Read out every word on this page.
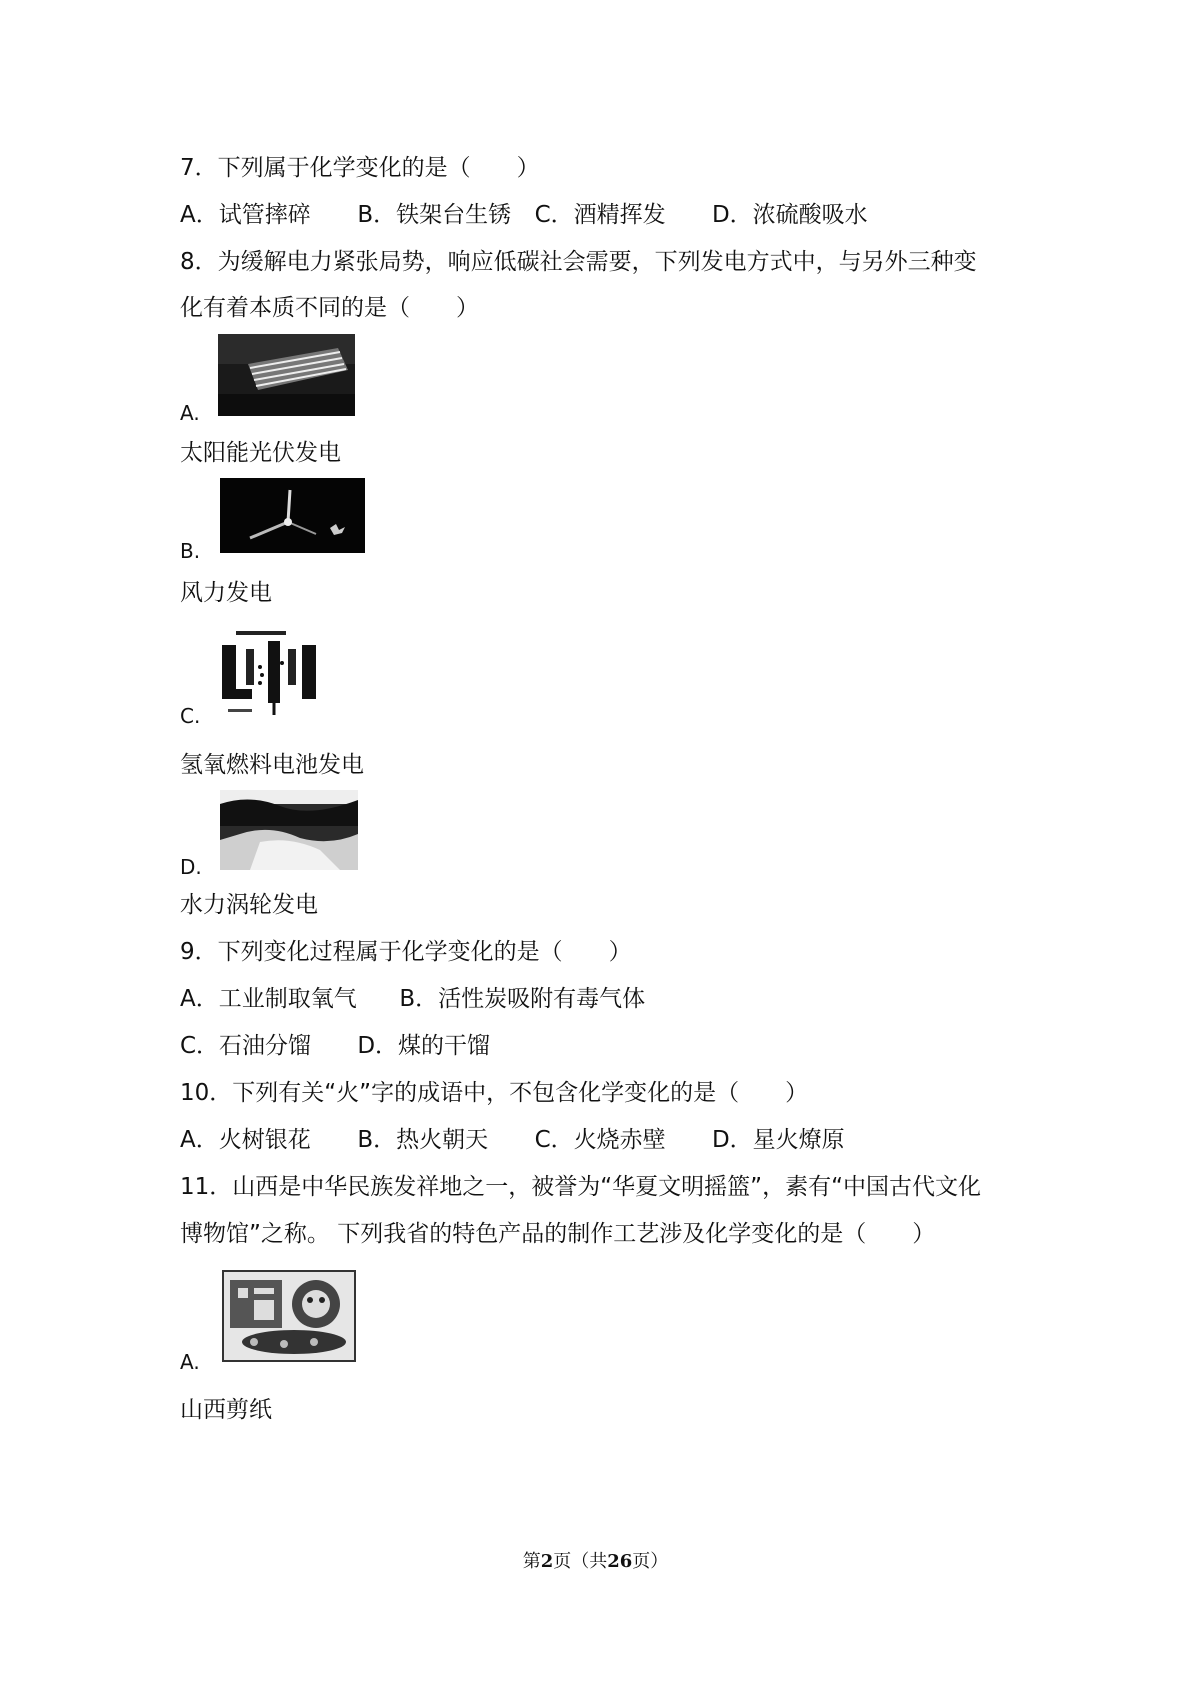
7．下列属于化学变化的是（　　）
A．试管摔碎 B．铁架台生锈 C．酒精挥发 D．浓硫酸吸水
8．为缓解电力紧张局势，响应低碳社会需要，下列发电方式中，与另外三种变
化有着本质不同的是（　　）
A.
太阳能光伏发电
B.
风力发电
C.
氢氧燃料电池发电
D.
水力涡轮发电
9．下列变化过程属于化学变化的是（　　）
A．工业制取氧气 B．活性炭吸附有毒气体
C．石油分馏 D．煤的干馏
10．下列有关“火”字的成语中，不包含化学变化的是（　　）
A．火树银花 B．热火朝天 C．火烧赤壁 D．星火燎原
11．山西是中华民族发祥地之一，被誉为“华夏文明摇篮”，素有“中国古代文化
博物馆”之称。 下列我省的特色产品的制作工艺涉及化学变化的是（　　）
A.
山西剪纸
第2页（共26页）
